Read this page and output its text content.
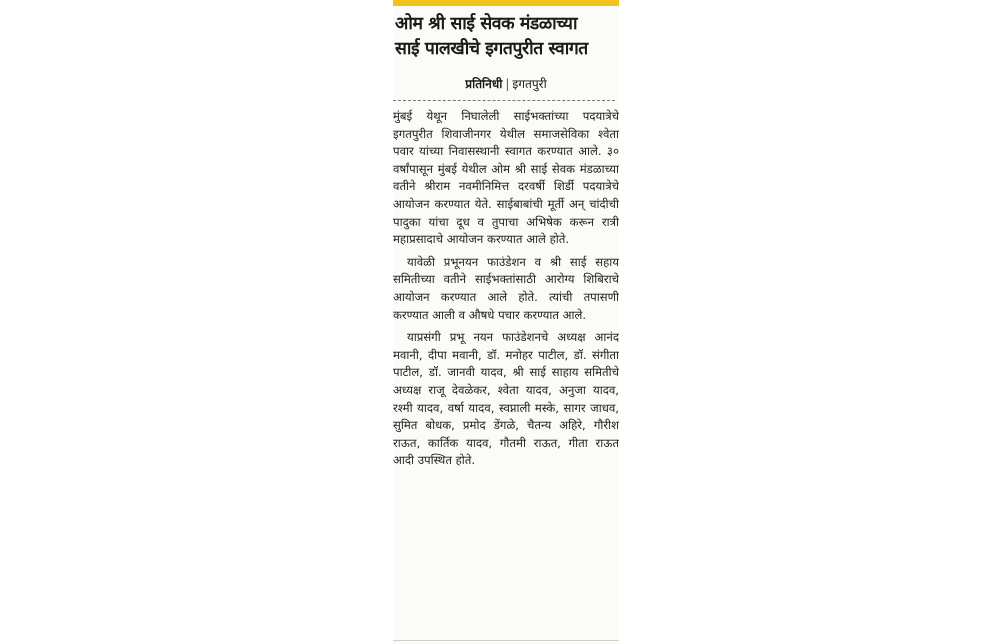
ओम श्री साई सेवक मंडळाच्या
साई पालखीचे इगतपुरीत स्वागत
प्रतिनिधी | इगतपुरी

मुंबई येथून निघालेली साईभक्तांच्या पदयात्रेचे इगतपुरीत शिवाजीनगर येथील समाजसेविका श्वेता पवार यांच्या निवासस्थानी स्वागत करण्यात आले. ३० वर्षांपासून मुंबई येथील ओम श्री साई सेवक मंडळाच्या वतीने श्रीराम नवमीनिमित्त दरवर्षी शिर्डी पदयात्रेचे आयोजन करण्यात येते. साईबाबांची मूर्ती अन्‌ चांदीची पादुका यांचा दूध व तुपाचा अभिषेक करून रात्री महाप्रसादाचे आयोजन करण्यात आले होते.

यावेळी प्रभूनयन फाउंडेशन व श्री साई सहाय समितीच्या वतीने साईभक्तांसाठी आरोग्य शिबिराचे आयोजन करण्यात आले होते. त्यांची तपासणी करण्यात आली व औषधे पचार करण्यात आले.

याप्रसंगी प्रभू नयन फाउंडेशनचे अध्यक्ष आनंद मवानी, दीपा मवानी, डॉ. मनोहर पाटील, डॉ. संगीता पाटील, डॉ. जानवी यादव, श्री साई साहाय समितीचे अध्यक्ष राजू देवळेकर, श्वेता यादव, अनुजा यादव, रश्मी यादव, वर्षा यादव, स्वप्नाली मस्के, सागर जाधव, सुमित बोधक, प्रमोद डेंगळे, चैतन्य अहिरे, गौरीश राऊत, कार्तिक यादव, गौतमी राऊत, गीता राऊत आदी उपस्थित होते.
